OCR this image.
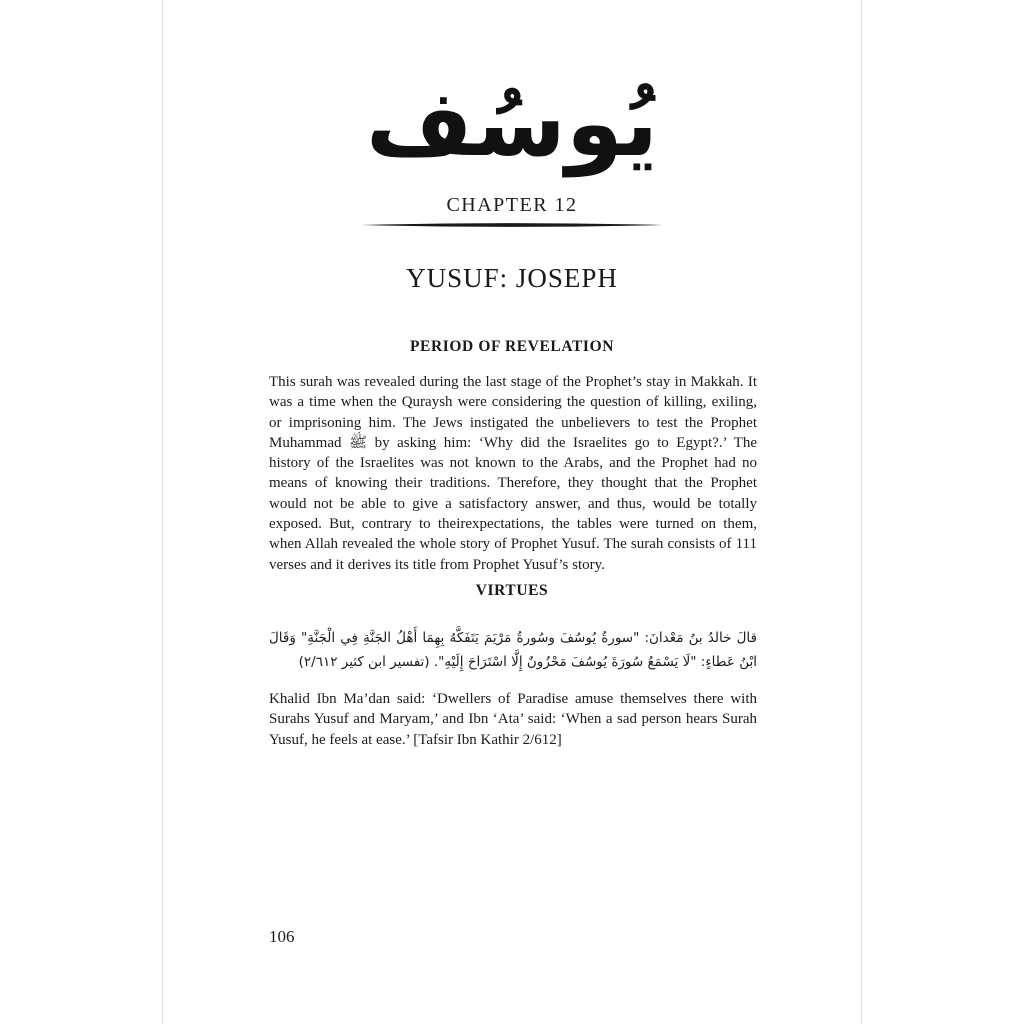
يُوسُف
CHAPTER 12
YUSUF: JOSEPH
PERIOD OF REVELATION
This surah was revealed during the last stage of the Prophet’s stay in Makkah. It was a time when the Quraysh were considering the question of killing, exiling, or imprisoning him. The Jews instigated the unbelievers to test the Prophet Muhammad ﷺ by asking him: ‘Why did the Israelites go to Egypt?.’ The history of the Israelites was not known to the Arabs, and the Prophet had no means of knowing their traditions. Therefore, they thought that the Prophet would not be able to give a satisfactory answer, and thus, would be totally exposed. But, contrary to theirexpectations, the tables were turned on them, when Allah revealed the whole story of Prophet Yusuf. The surah consists of 111 verses and it derives its title from Prophet Yusuf’s story.
VIRTUES
قالَ خالدُ بنُ مَعْدانَ: "سورةُ يُوسُفَ وسُورةُ مَرْيَمَ يَتَفَكَّهُ بِهِمَا أَهْلُ الجَنَّةِ فِي الْجَنَّةِ" وَقَالَ ابْنُ عَطاءٍ: "لَا يَسْمَعُ سُورَةَ يُوسُفَ مَحْزُونٌ إِلَّا اسْتَرَاحَ إِلَيْهِ". (تفسير ابن كثير ٢/٦١٢)
Khalid Ibn Ma’dan said: ‘Dwellers of Paradise amuse themselves there with Surahs Yusuf and Maryam,’ and Ibn ‘Ata’ said: ‘When a sad person hears Surah Yusuf, he feels at ease.’ [Tafsir Ibn Kathir 2/612]
106
